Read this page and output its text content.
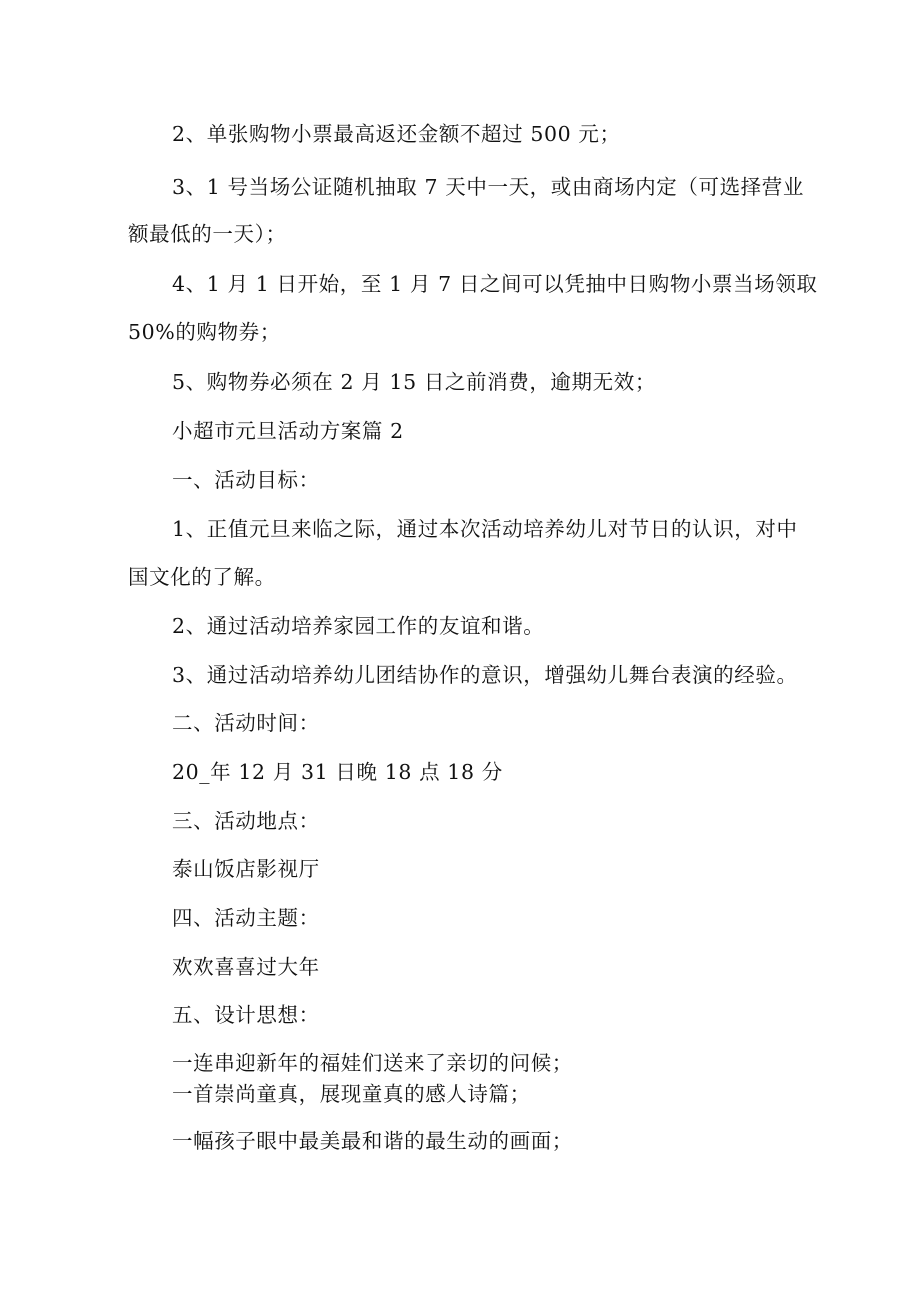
2、单张购物小票最高返还金额不超过 500 元；

3、1 号当场公证随机抽取 7 天中一天，或由商场内定（可选择营业

额最低的一天）；

4、1 月 1 日开始，至 1 月 7 日之间可以凭抽中日购物小票当场领取

50%的购物券；

5、购物券必须在 2 月 15 日之前消费，逾期无效；

小超市元旦活动方案篇 2

一、活动目标：

1、正值元旦来临之际，通过本次活动培养幼儿对节日的认识，对中

国文化的了解。

2、通过活动培养家园工作的友谊和谐。

3、通过活动培养幼儿团结协作的意识，增强幼儿舞台表演的经验。

二、活动时间：

20_年 12 月 31 日晚 18 点 18 分

三、活动地点：

泰山饭店影视厅

四、活动主题：

欢欢喜喜过大年

五、设计思想：

一连串迎新年的福娃们送来了亲切的问候；

一首崇尚童真，展现童真的感人诗篇；

一幅孩子眼中最美最和谐的最生动的画面；
